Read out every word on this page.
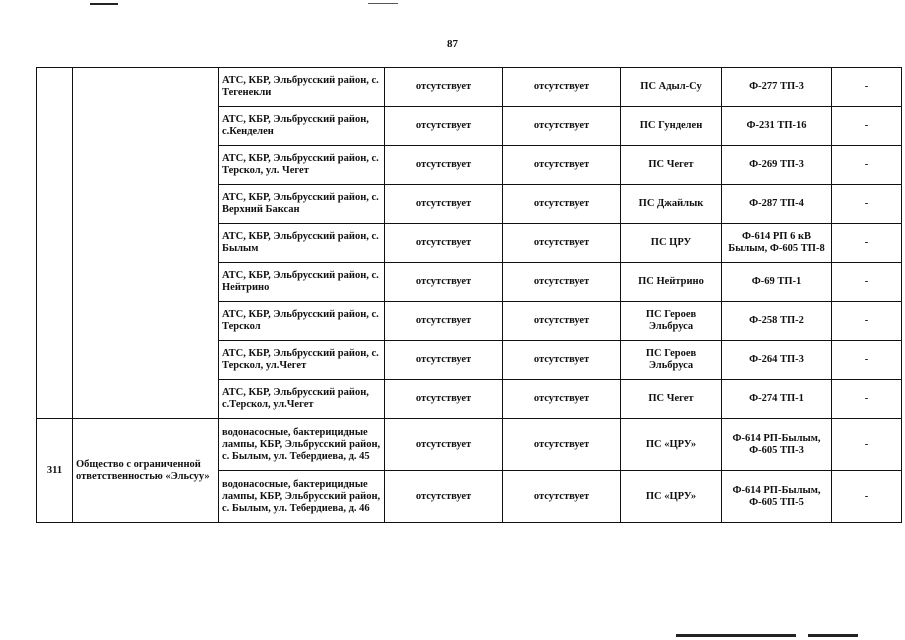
87
		АТС, КБР, Эльбрусский район, с. Тегенекли	отсутствует	отсутствует	ПС Адыл-Су	Ф-277 ТП-3	-
		АТС, КБР, Эльбрусский район, с.Кенделен	отсутствует	отсутствует	ПС Гунделен	Ф-231 ТП-16	-
		АТС, КБР, Эльбрусский район, с. Терскол, ул. Чегет	отсутствует	отсутствует	ПС Чегет	Ф-269 ТП-3	-
		АТС, КБР, Эльбрусский район, с. Верхний Баксан	отсутствует	отсутствует	ПС Джайлык	Ф-287 ТП-4	-
		АТС, КБР, Эльбрусский район, с. Былым	отсутствует	отсутствует	ПС ЦРУ	Ф-614 РП 6 кВ Былым, Ф-605 ТП-8	-
		АТС, КБР, Эльбрусский район, с. Нейтрино	отсутствует	отсутствует	ПС Нейтрино	Ф-69 ТП-1	-
		АТС, КБР, Эльбрусский район, с. Терскол	отсутствует	отсутствует	ПС Героев Эльбруса	Ф-258 ТП-2	-
		АТС, КБР, Эльбрусский район, с. Терскол, ул.Чегет	отсутствует	отсутствует	ПС Героев Эльбруса	Ф-264 ТП-3	-
		АТС, КБР, Эльбрусский район, с.Терскол, ул.Чегет	отсутствует	отсутствует	ПС Чегет	Ф-274 ТП-1	-
311	Общество с ограниченной ответственностью «Эльсуу»	водонасосные, бактерицидные лампы, КБР, Эльбрусский район, с. Былым, ул. Тебердиева, д. 45	отсутствует	отсутствует	ПС «ЦРУ»	Ф-614 РП-Былым, Ф-605 ТП-3	-
		водонасосные, бактерицидные лампы, КБР, Эльбрусский район, с. Былым, ул. Тебердиева, д. 46	отсутствует	отсутствует	ПС «ЦРУ»	Ф-614 РП-Былым, Ф-605 ТП-5	-
